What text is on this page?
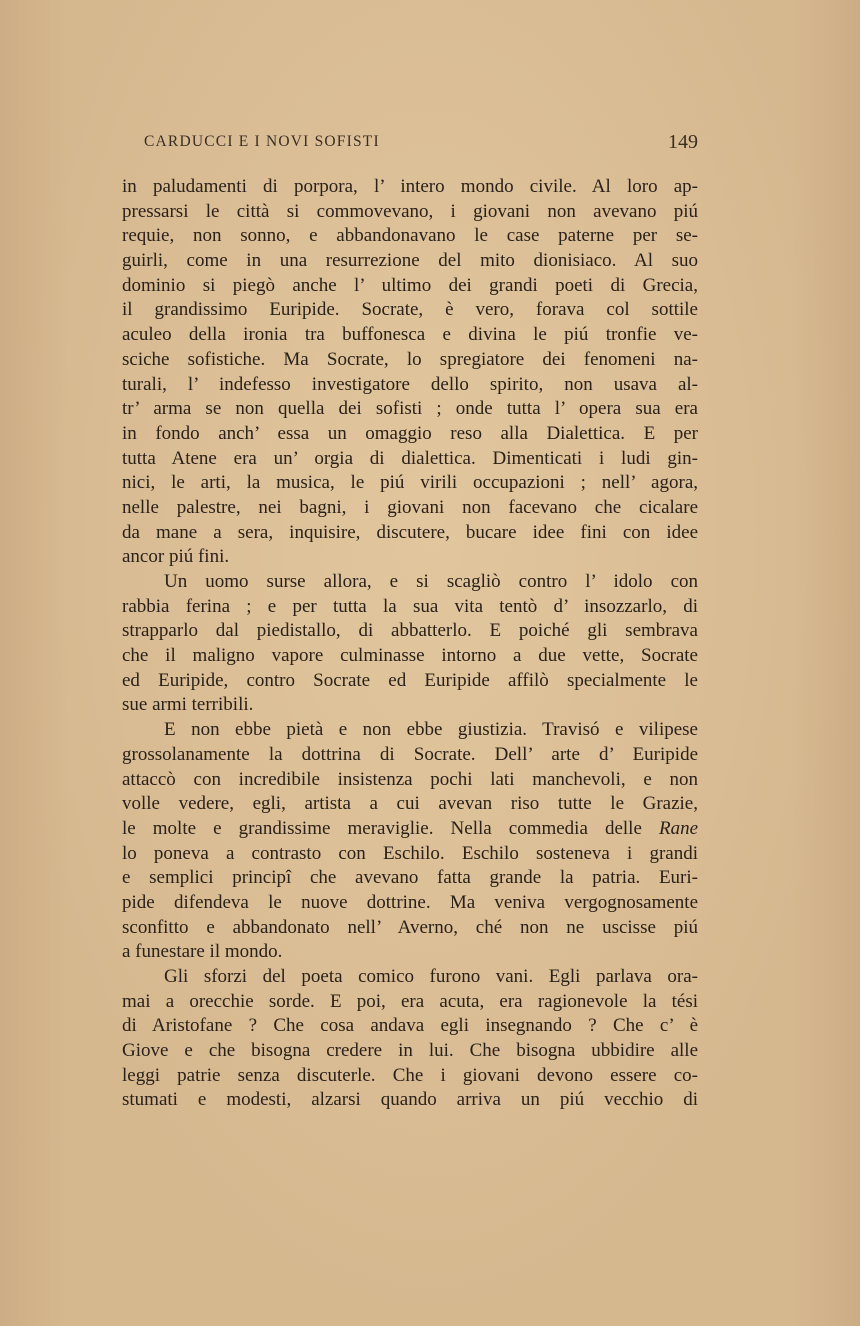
CARDUCCI E I NOVI SOFISTI	149
in paludamenti di porpora, l’ intero mondo civile. Al loro ap-
pressarsi le città si commovevano, i giovani non avevano piú
requie, non sonno, e abbandonavano le case paterne per se-
guirli, come in una resurrezione del mito dionisiaco. Al suo
dominio si piegò anche l’ ultimo dei grandi poeti di Grecia,
il grandissimo Euripide. Socrate, è vero, forava col sottile
aculeo della ironia tra buffonesca e divina le piú tronfie ve-
sciche sofistiche. Ma Socrate, lo spregiatore dei fenomeni na-
turali, l’ indefesso investigatore dello spirito, non usava al-
tr’ arma se non quella dei sofisti ; onde tutta l’ opera sua era
in fondo anch’ essa un omaggio reso alla Dialettica. E per
tutta Atene era un’ orgia di dialettica. Dimenticati i ludi gin-
nici, le arti, la musica, le piú virili occupazioni ; nell’ agora,
nelle palestre, nei bagni, i giovani non facevano che cicalare
da mane a sera, inquisire, discutere, bucare idee fini con idee
ancor piú fini.
Un uomo surse allora, e si scagliò contro l’ idolo con
rabbia ferina ; e per tutta la sua vita tentò d’ insozzarlo, di
strapparlo dal piedistallo, di abbatterlo. E poiché gli sembrava
che il maligno vapore culminasse intorno a due vette, Socrate
ed Euripide, contro Socrate ed Euripide affilò specialmente le
sue armi terribili.
E non ebbe pietà e non ebbe giustizia. Travisó e vilipese
grossolanamente la dottrina di Socrate. Dell’ arte d’ Euripide
attaccò con incredibile insistenza pochi lati manchevoli, e non
volle vedere, egli, artista a cui avevan riso tutte le Grazie,
le molte e grandissime meraviglie. Nella commedia delle Rane
lo poneva a contrasto con Eschilo. Eschilo sosteneva i grandi
e semplici principî che avevano fatta grande la patria. Euri-
pide difendeva le nuove dottrine. Ma veniva vergognosamente
sconfitto e abbandonato nell’ Averno, ché non ne uscisse piú
a funestare il mondo.
Gli sforzi del poeta comico furono vani. Egli parlava ora-
mai a orecchie sorde. E poi, era acuta, era ragionevole la tési
di Aristofane ? Che cosa andava egli insegnando ? Che c’ è
Giove e che bisogna credere in lui. Che bisogna ubbidire alle
leggi patrie senza discuterle. Che i giovani devono essere co-
stumati e modesti, alzarsi quando arriva un piú vecchio di
